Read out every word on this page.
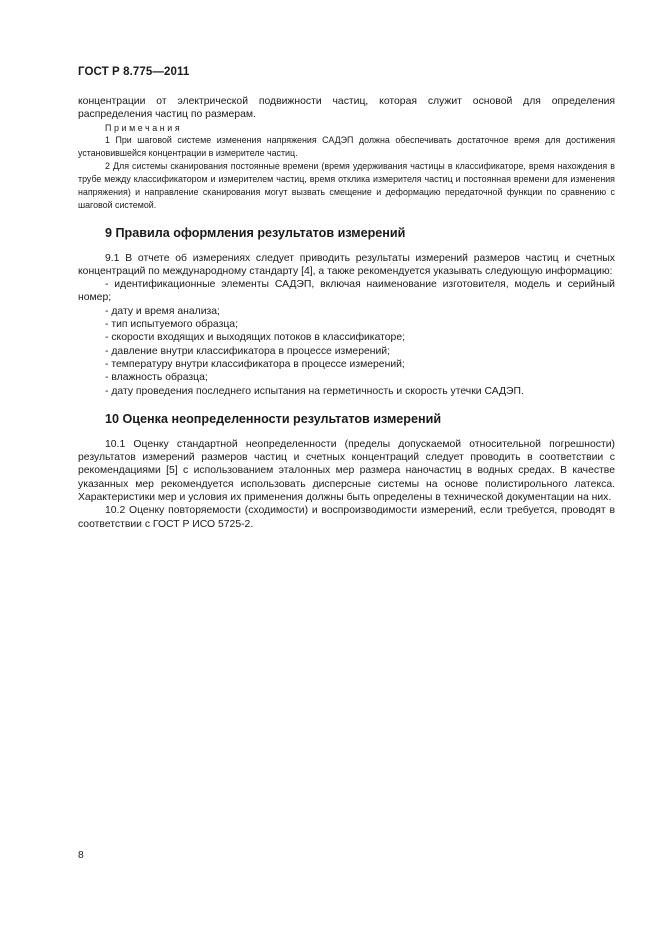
ГОСТ Р 8.775—2011

концентрации от электрической подвижности частиц, которая служит основой для определения распределения частиц по размерам.

Примечания

1 При шаговой системе изменения напряжения САДЭП должна обеспечивать достаточное время для достижения установившейся концентрации в измерителе частиц.

2 Для системы сканирования постоянные времени (время удерживания частицы в классификаторе, время нахождения в трубе между классификатором и измерителем частиц, время отклика измерителя частиц и постоянная времени для изменения напряжения) и направление сканирования могут вызвать смещение и деформацию передаточной функции по сравнению с шаговой системой.

9 Правила оформления результатов измерений

9.1 В отчете об измерениях следует приводить результаты измерений размеров частиц и счетных концентраций по международному стандарту [4], а также рекомендуется указывать следующую информацию:

- идентификационные элементы САДЭП, включая наименование изготовителя, модель и серийный номер;

- дату и время анализа;

- тип испытуемого образца;

- скорости входящих и выходящих потоков в классификаторе;

- давление внутри классификатора в процессе измерений;

- температуру внутри классификатора в процессе измерений;

- влажность образца;

- дату проведения последнего испытания на герметичность и скорость утечки САДЭП.

10 Оценка неопределенности результатов измерений

10.1 Оценку стандартной неопределенности (пределы допускаемой относительной погрешности) результатов измерений размеров частиц и счетных концентраций следует проводить в соответствии с рекомендациями [5] с использованием эталонных мер размера наночастиц в водных средах. В качестве указанных мер рекомендуется использовать дисперсные системы на основе полистирольного латекса. Характеристики мер и условия их применения должны быть определены в технической документации на них.

10.2 Оценку повторяемости (сходимости) и воспроизводимости измерений, если требуется, проводят в соответствии с ГОСТ Р ИСО 5725-2.

8
